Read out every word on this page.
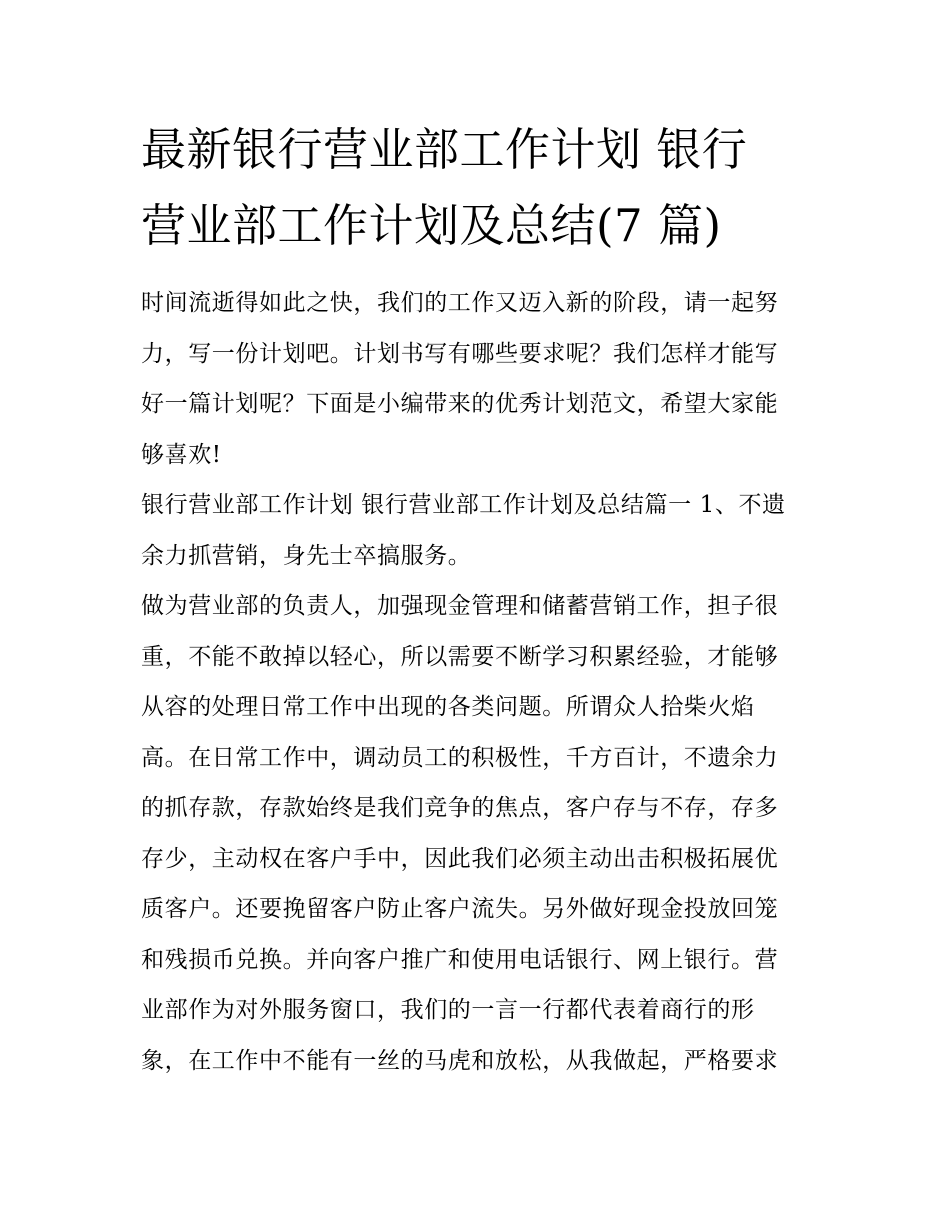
最新银行营业部工作计划 银行
营业部工作计划及总结(7 篇)

时间流逝得如此之快，我们的工作又迈入新的阶段，请一起努
力，写一份计划吧。计划书写有哪些要求呢？我们怎样才能写
好一篇计划呢？下面是小编带来的优秀计划范文，希望大家能
够喜欢!

银行营业部工作计划 银行营业部工作计划及总结篇一 1、不遗
余力抓营销，身先士卒搞服务。

做为营业部的负责人，加强现金管理和储蓄营销工作，担子很
重，不能不敢掉以轻心，所以需要不断学习积累经验，才能够
从容的处理日常工作中出现的各类问题。所谓众人拾柴火焰
高。在日常工作中，调动员工的积极性，千方百计，不遗余力
的抓存款，存款始终是我们竞争的焦点，客户存与不存，存多
存少，主动权在客户手中，因此我们必须主动出击积极拓展优
质客户。还要挽留客户防止客户流失。另外做好现金投放回笼
和残损币兑换。并向客户推广和使用电话银行、网上银行。营
业部作为对外服务窗口，我们的一言一行都代表着商行的形
象，在工作中不能有一丝的马虎和放松，从我做起，严格要求
